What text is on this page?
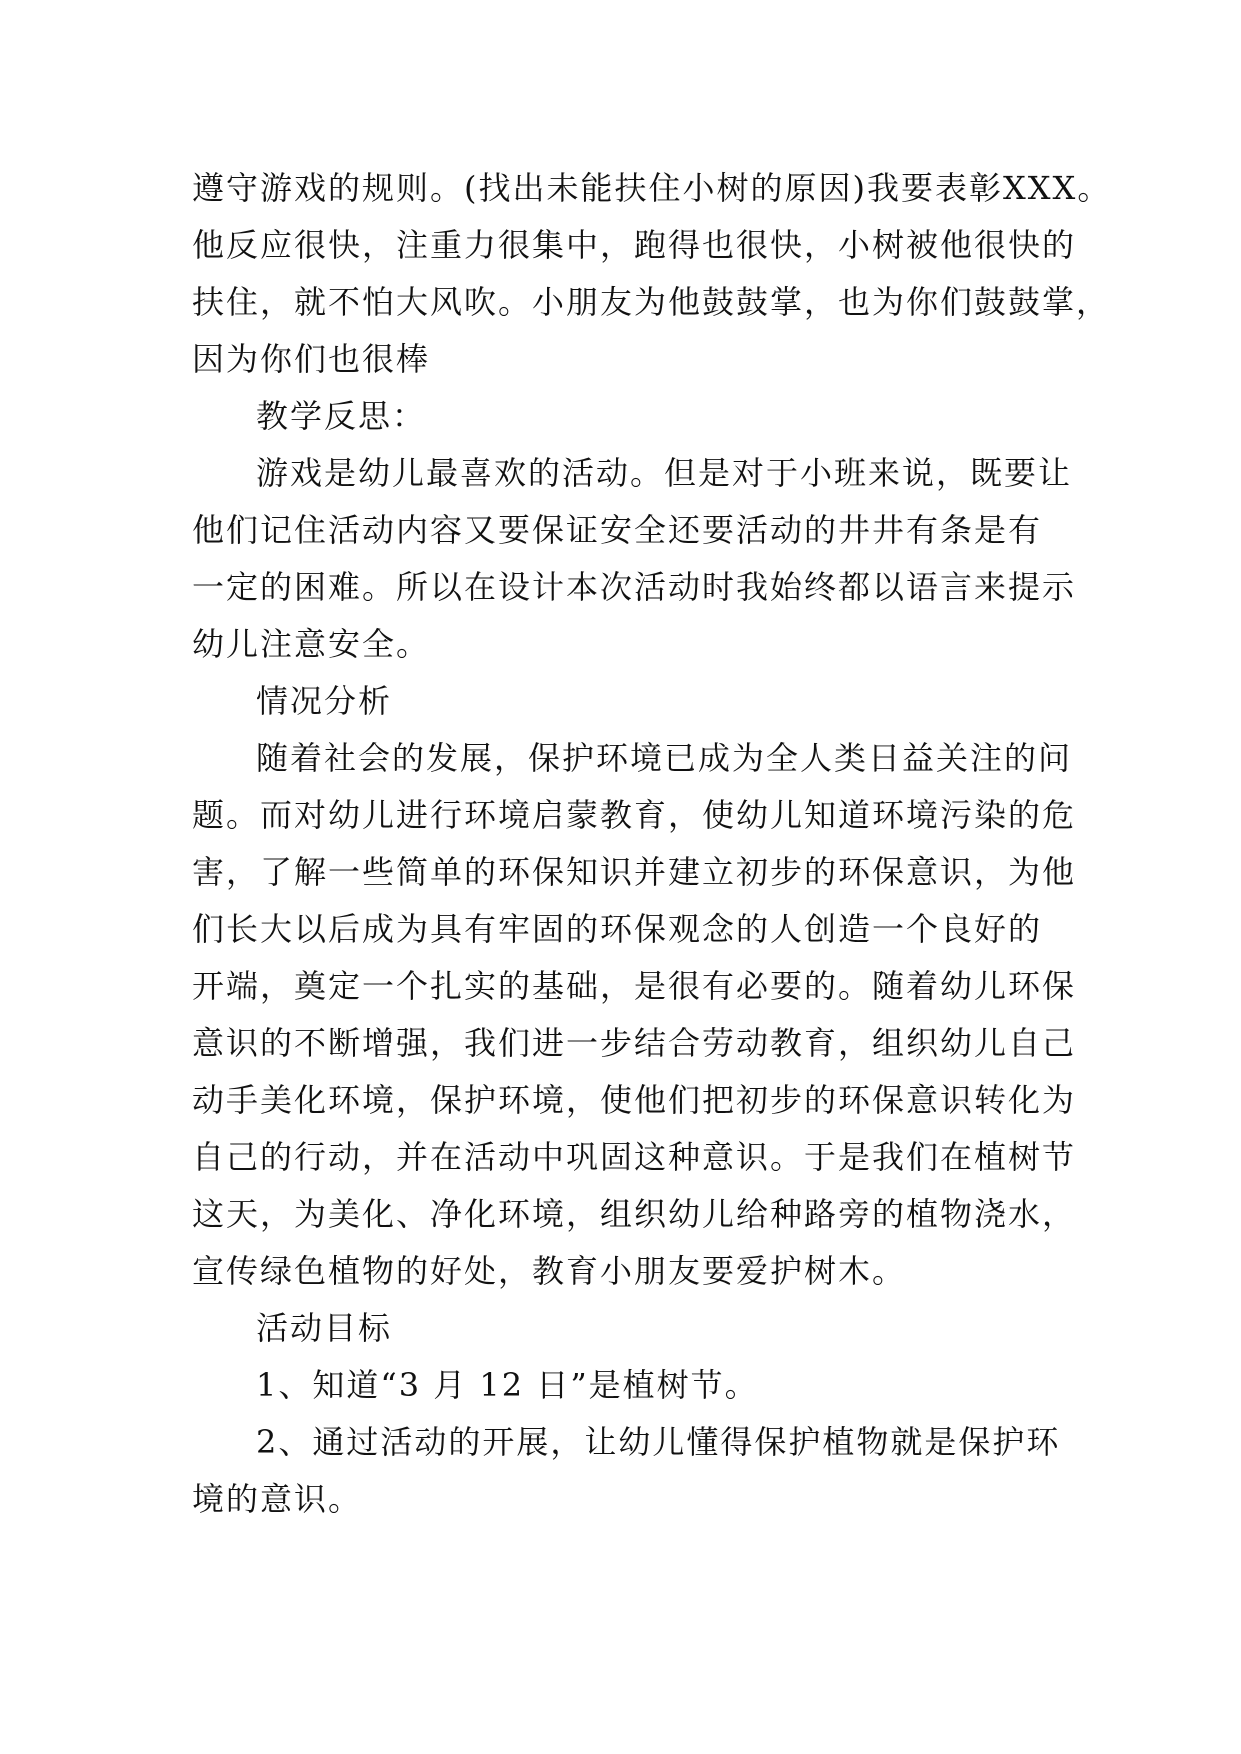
遵守游戏的规则。(找出未能扶住小树的原因)我要表彰XXX。
他反应很快，注重力很集中，跑得也很快，小树被他很快的
扶住，就不怕大风吹。小朋友为他鼓鼓掌，也为你们鼓鼓掌，
因为你们也很棒
教学反思：
游戏是幼儿最喜欢的活动。但是对于小班来说，既要让
他们记住活动内容又要保证安全还要活动的井井有条是有
一定的困难。所以在设计本次活动时我始终都以语言来提示
幼儿注意安全。
情况分析
随着社会的发展，保护环境已成为全人类日益关注的问
题。而对幼儿进行环境启蒙教育，使幼儿知道环境污染的危
害，了解一些简单的环保知识并建立初步的环保意识，为他
们长大以后成为具有牢固的环保观念的人创造一个良好的
开端，奠定一个扎实的基础，是很有必要的。随着幼儿环保
意识的不断增强，我们进一步结合劳动教育，组织幼儿自己
动手美化环境，保护环境，使他们把初步的环保意识转化为
自己的行动，并在活动中巩固这种意识。于是我们在植树节
这天，为美化、净化环境，组织幼儿给种路旁的植物浇水，
宣传绿色植物的好处，教育小朋友要爱护树木。
活动目标
1、知道“3 月 12 日”是植树节。
2、通过活动的开展，让幼儿懂得保护植物就是保护环
境的意识。
